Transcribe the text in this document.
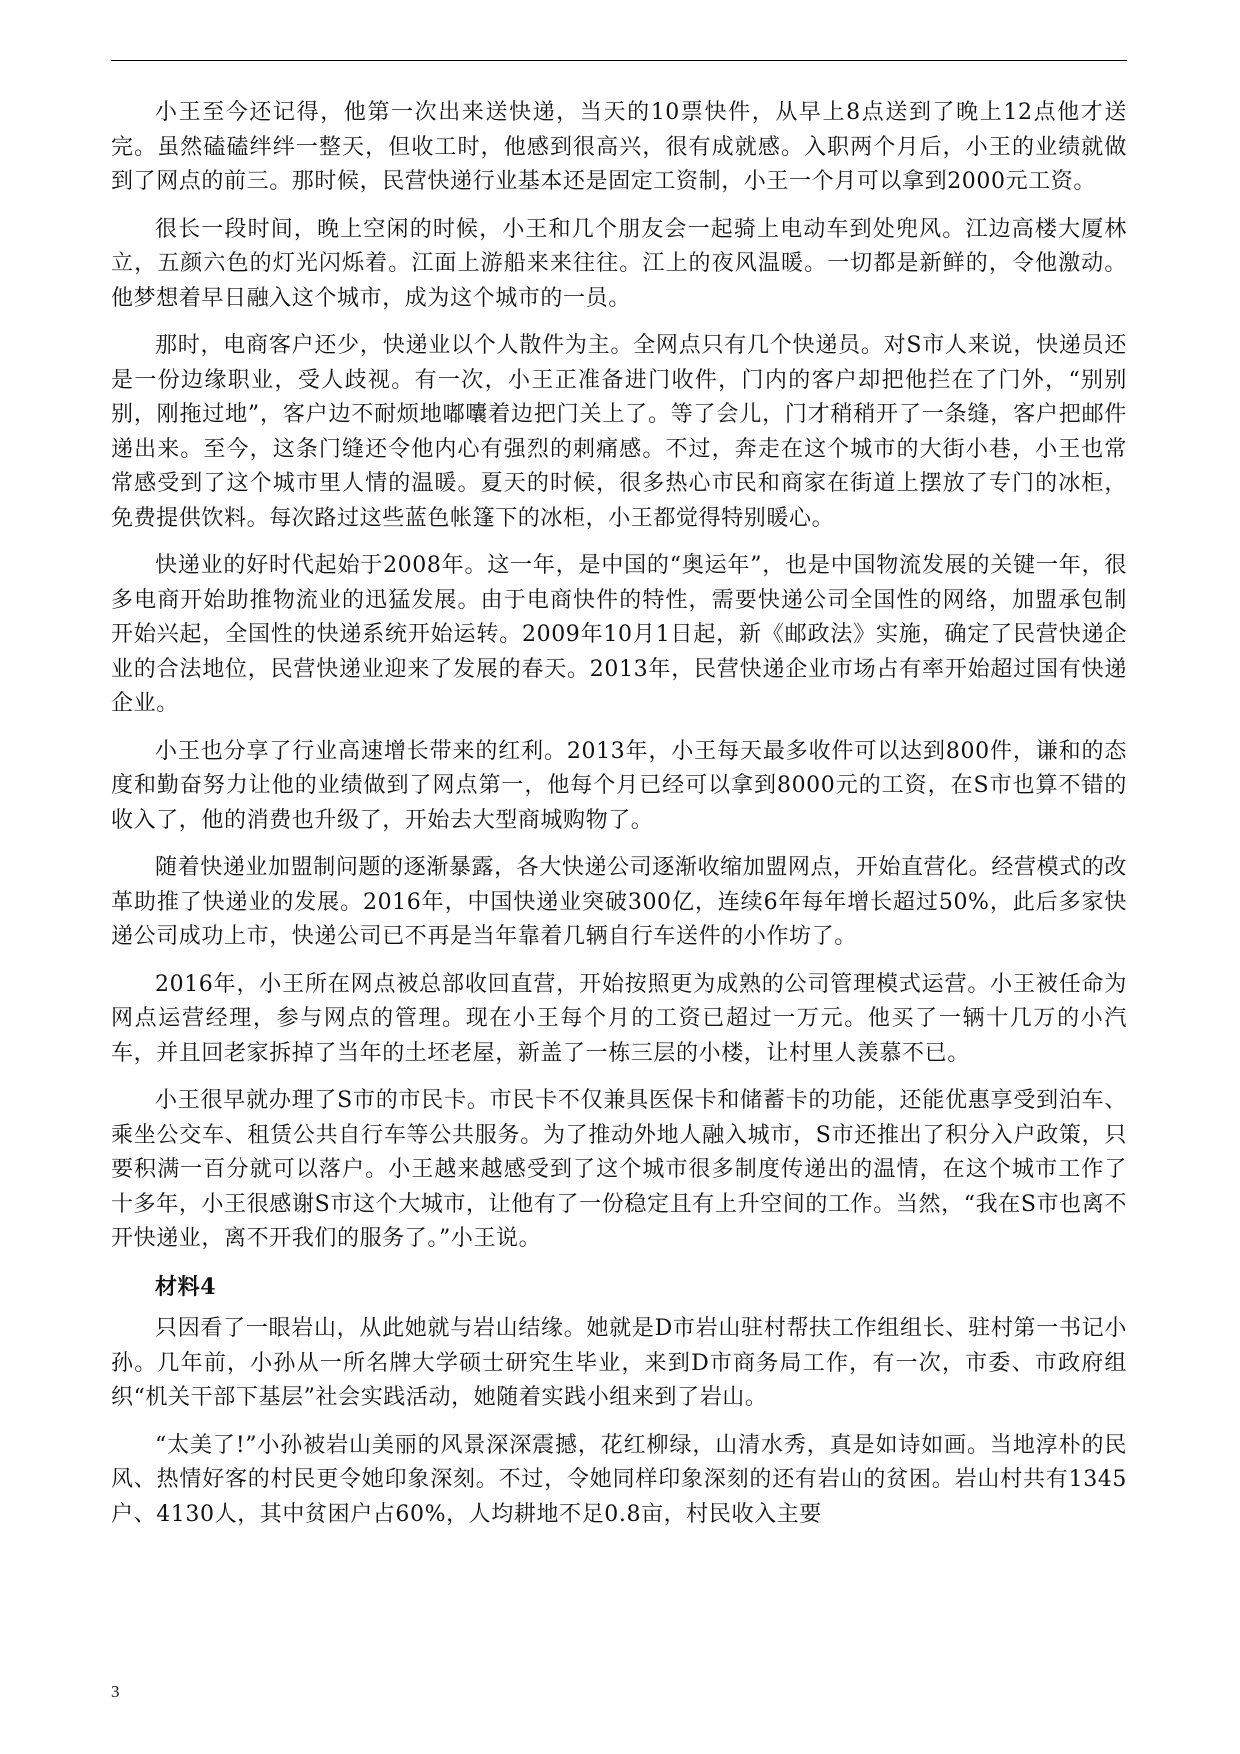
小王至今还记得，他第一次出来送快递，当天的10票快件，从早上8点送到了晚上12点他才送完。虽然磕磕绊绊一整天，但收工时，他感到很高兴，很有成就感。入职两个月后，小王的业绩就做到了网点的前三。那时候，民营快递行业基本还是固定工资制，小王一个月可以拿到2000元工资。

很长一段时间，晚上空闲的时候，小王和几个朋友会一起骑上电动车到处兜风。江边高楼大厦林立，五颜六色的灯光闪烁着。江面上游船来来往往。江上的夜风温暖。一切都是新鲜的，令他激动。他梦想着早日融入这个城市，成为这个城市的一员。

那时，电商客户还少，快递业以个人散件为主。全网点只有几个快递员。对S市人来说，快递员还是一份边缘职业，受人歧视。有一次，小王正准备进门收件，门内的客户却把他拦在了门外，“别别别，刚拖过地”，客户边不耐烦地嘟囔着边把门关上了。等了会儿，门才稍稍开了一条缝，客户把邮件递出来。至今，这条门缝还令他内心有强烈的刺痛感。不过，奔走在这个城市的大街小巷，小王也常常感受到了这个城市里人情的温暖。夏天的时候，很多热心市民和商家在街道上摆放了专门的冰柜，免费提供饮料。每次路过这些蓝色帐篷下的冰柜，小王都觉得特别暖心。

快递业的好时代起始于2008年。这一年，是中国的“奥运年”，也是中国物流发展的关键一年，很多电商开始助推物流业的迅猛发展。由于电商快件的特性，需要快递公司全国性的网络，加盟承包制开始兴起，全国性的快递系统开始运转。2009年10月1日起，新《邮政法》实施，确定了民营快递企业的合法地位，民营快递业迎来了发展的春天。2013年，民营快递企业市场占有率开始超过国有快递企业。

小王也分享了行业高速增长带来的红利。2013年，小王每天最多收件可以达到800件，谦和的态度和勤奋努力让他的业绩做到了网点第一，他每个月已经可以拿到8000元的工资，在S市也算不错的收入了，他的消费也升级了，开始去大型商城购物了。

随着快递业加盟制问题的逐渐暴露，各大快递公司逐渐收缩加盟网点，开始直营化。经营模式的改革助推了快递业的发展。2016年，中国快递业突破300亿，连续6年每年增长超过50%，此后多家快递公司成功上市，快递公司已不再是当年靠着几辆自行车送件的小作坊了。

2016年，小王所在网点被总部收回直营，开始按照更为成熟的公司管理模式运营。小王被任命为网点运营经理，参与网点的管理。现在小王每个月的工资已超过一万元。他买了一辆十几万的小汽车，并且回老家拆掉了当年的土坯老屋，新盖了一栋三层的小楼，让村里人羡慕不已。

小王很早就办理了S市的市民卡。市民卡不仅兼具医保卡和储蓄卡的功能，还能优惠享受到泊车、乘坐公交车、租赁公共自行车等公共服务。为了推动外地人融入城市，S市还推出了积分入户政策，只要积满一百分就可以落户。小王越来越感受到了这个城市很多制度传递出的温情，在这个城市工作了十多年，小王很感谢S市这个大城市，让他有了一份稳定且有上升空间的工作。当然，“我在S市也离不开快递业，离不开我们的服务了。”小王说。

材料4

只因看了一眼岩山，从此她就与岩山结缘。她就是D市岩山驻村帮扶工作组组长、驻村第一书记小孙。几年前，小孙从一所名牌大学硕士研究生毕业，来到D市商务局工作，有一次，市委、市政府组织“机关干部下基层”社会实践活动，她随着实践小组来到了岩山。

“太美了!”小孙被岩山美丽的风景深深震撼，花红柳绿，山清水秀，真是如诗如画。当地淳朴的民风、热情好客的村民更令她印象深刻。不过，令她同样印象深刻的还有岩山的贫困。岩山村共有1345户、4130人，其中贫困户占60%，人均耕地不足0.8亩，村民收入主要

3
